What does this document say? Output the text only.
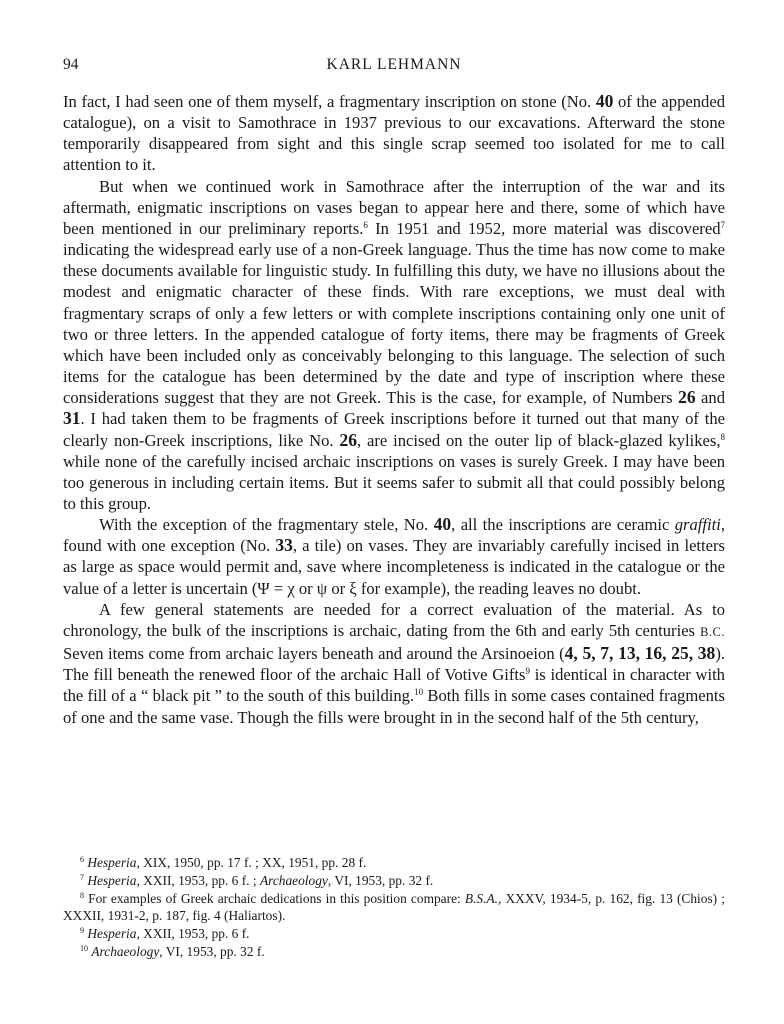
94	KARL LEHMANN

In fact, I had seen one of them myself, a fragmentary inscription on stone (No. 40 of the appended catalogue), on a visit to Samothrace in 1937 previous to our excavations. Afterward the stone temporarily disappeared from sight and this single scrap seemed too isolated for me to call attention to it.

But when we continued work in Samothrace after the interruption of the war and its aftermath, enigmatic inscriptions on vases began to appear here and there, some of which have been mentioned in our preliminary reports.$^6$ In 1951 and 1952, more material was discovered$^7$ indicating the widespread early use of a non-Greek language. Thus the time has now come to make these documents available for linguistic study. In fulfilling this duty, we have no illusions about the modest and enigmatic character of these finds. With rare exceptions, we must deal with fragmentary scraps of only a few letters or with complete inscriptions containing only one unit of two or three letters. In the appended catalogue of forty items, there may be fragments of Greek which have been included only as conceivably belonging to this language. The selection of such items for the catalogue has been determined by the date and type of inscription where these considerations suggest that they are not Greek. This is the case, for example, of Numbers 26 and 31. I had taken them to be fragments of Greek inscriptions before it turned out that many of the clearly non-Greek inscriptions, like No. 26, are incised on the outer lip of black-glazed kylikes,$^8$ while none of the carefully incised archaic inscriptions on vases is surely Greek. I may have been too generous in including certain items. But it seems safer to submit all that could possibly belong to this group.

With the exception of the fragmentary stele, No. 40, all the inscriptions are ceramic graffiti, found with one exception (No. 33, a tile) on vases. They are invariably carefully incised in letters as large as space would permit and, save where incompleteness is indicated in the catalogue or the value of a letter is uncertain (Ψ = χ or ψ or ξ for example), the reading leaves no doubt.

A few general statements are needed for a correct evaluation of the material. As to chronology, the bulk of the inscriptions is archaic, dating from the 6th and early 5th centuries B.C. Seven items come from archaic layers beneath and around the Arsinoeion (4, 5, 7, 13, 16, 25, 38). The fill beneath the renewed floor of the archaic Hall of Votive Gifts$^9$ is identical in character with the fill of a “ black pit ” to the south of this building.$^{10}$ Both fills in some cases contained fragments of one and the same vase. Though the fills were brought in in the second half of the 5th century,

$^6$ Hesperia, XIX, 1950, pp. 17 f. ; XX, 1951, pp. 28 f.

$^7$ Hesperia, XXII, 1953, pp. 6 f. ; Archaeology, VI, 1953, pp. 32 f.

$^8$ For examples of Greek archaic dedications in this position compare: B.S.A., XXXV, 1934-5, p. 162, fig. 13 (Chios) ; XXXII, 1931-2, p. 187, fig. 4 (Haliartos).

$^9$ Hesperia, XXII, 1953, pp. 6 f.

$^{10}$ Archaeology, VI, 1953, pp. 32 f.
